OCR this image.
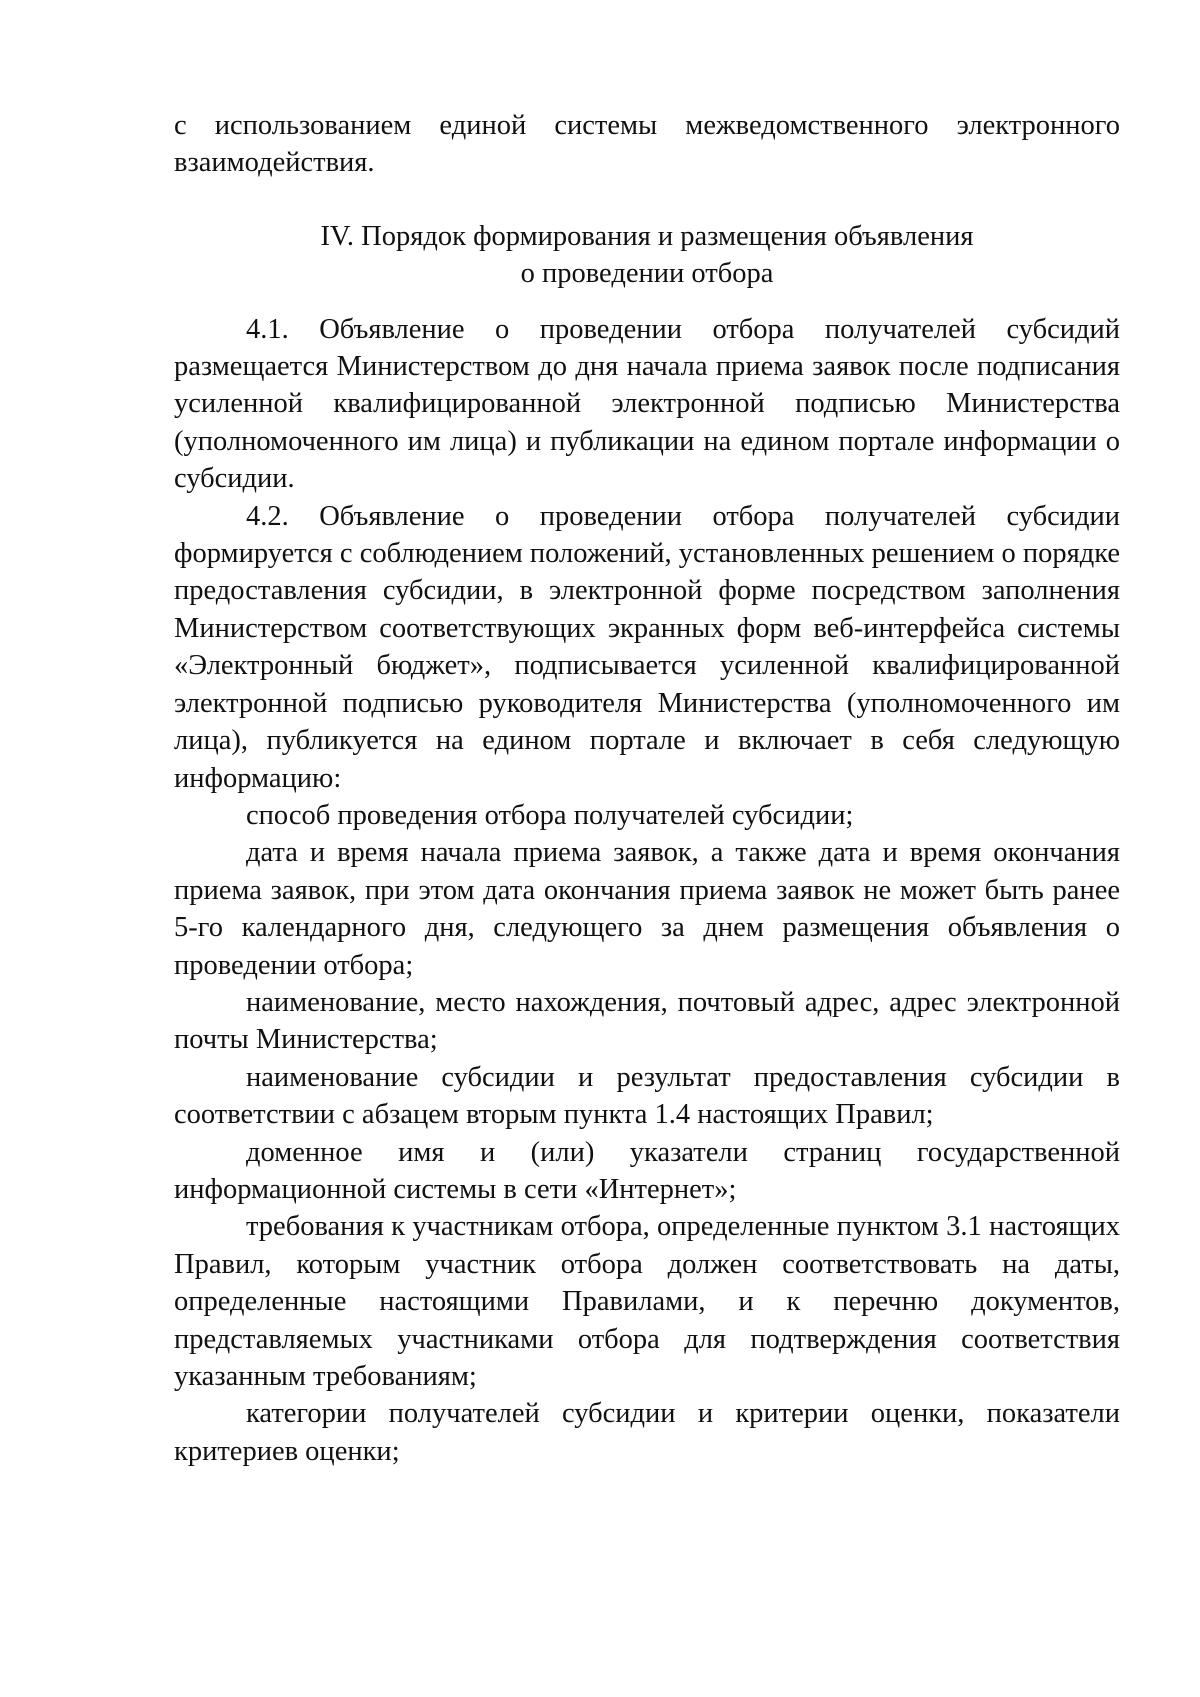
с использованием единой системы межведомственного электронного взаимодействия.

IV. Порядок формирования и размещения объявления
о проведении отбора

4.1. Объявление о проведении отбора получателей субсидий размещается Министерством до дня начала приема заявок после подписания усиленной квалифицированной электронной подписью Министерства (уполномоченного им лица) и публикации на едином портале информации о субсидии.

4.2. Объявление о проведении отбора получателей субсидии формируется с соблюдением положений, установленных решением о порядке предоставления субсидии, в электронной форме посредством заполнения Министерством соответствующих экранных форм веб-интерфейса системы «Электронный бюджет», подписывается усиленной квалифицированной электронной подписью руководителя Министерства (уполномоченного им лица), публикуется на едином портале и включает в себя следующую информацию:

способ проведения отбора получателей субсидии;

дата и время начала приема заявок, а также дата и время окончания приема заявок, при этом дата окончания приема заявок не может быть ранее 5-го календарного дня, следующего за днем размещения объявления о проведении отбора;

наименование, место нахождения, почтовый адрес, адрес электронной почты Министерства;

наименование субсидии и результат предоставления субсидии в соответствии с абзацем вторым пункта 1.4 настоящих Правил;

доменное имя и (или) указатели страниц государственной информационной системы в сети «Интернет»;

требования к участникам отбора, определенные пунктом 3.1 настоящих Правил, которым участник отбора должен соответствовать на даты, определенные настоящими Правилами, и к перечню документов, представляемых участниками отбора для подтверждения соответствия указанным требованиям;

категории получателей субсидии и критерии оценки, показатели критериев оценки;
